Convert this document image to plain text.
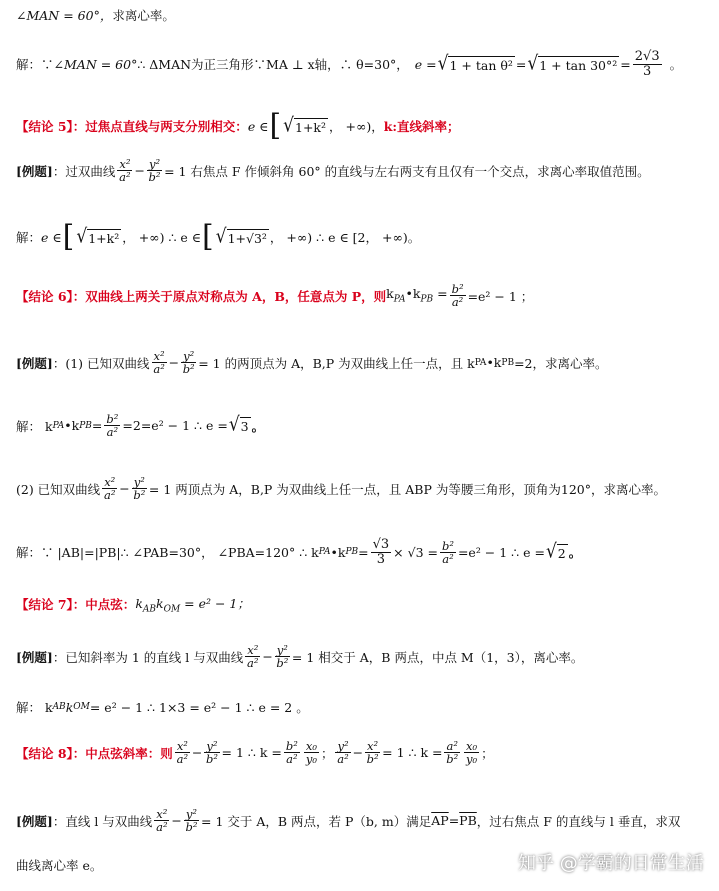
∠MAN = 60°， 求离心率。
解：∵ ∠MAN = 60° ∴ ΔMAN为正三角形∵MA ⊥ x轴，∴ θ=30°， e = √ 1 + tan θ² = √ $1 + \tan 30^\circ^2 = \frac{2√3}{3}$ 。
【结论 5】：过焦点直线与两支分别相交： e ∈ [ √ 1+k² ， +∞)， k:直线斜率；
[例题] ：过双曲线 $\frac{\text{x²}}{\text{a²}} - \frac{\text{y²}}{\text{b²}} = 1$ 右焦点 F 作倾斜角 60° 的直线与左右两支有且仅有一个交点，求离心率取值范围。
解： e ∈ [ √ 1+k² ， +∞ ) ∴ e ∈ [ √ 1+√3² ， +∞ ) ∴ e ∈ [2， +∞)。
【结论 6】：双曲线上两关于原点对称点为 A，B，任意点为 P，则 $k_{PA}•k_{PB} = \frac{\text{b²}}{\text{a²}} =e^2 - 1$ ；
[例题] ：(1) 已知双曲线 $\frac{\text{x²}}{\text{a²}} - \frac{\text{y²}}{\text{b²}} = 1$ 的两顶点为 A，B,P 为双曲线上任一点，且 k PA •k PB =2，求离心率。
解： k PA •k PB = $\frac{\text{b²}}{\text{a²}} =2=e^2 - 1$ ∴ e = √ 3 。
(2) 已知双曲线 $\frac{\text{x²}}{\text{a²}} - \frac{\text{y²}}{\text{b²}} = 1$ 两顶点为 A，B,P 为双曲线上任一点，且 ABP 为等腰三角形，顶角为120°，求离心率。
解：∵ |AB|=|PB|∴ ∠PAB=30°， ∠PBA=120° ∴ k PA •k PB = $\frac{√3}{3} \times √3 = \frac{\text{b²}}{\text{a²}} =e^2 - 1$ ∴ e = √ 2 。
【结论 7】：中点弦： $k_{AB}k_{OM} = e^2 - 1$；
[例题] ：已知斜率为 1 的直线 l 与双曲线 $\frac{\text{x²}}{\text{a²}} - \frac{\text{y²}}{\text{b²}} = 1$ 相交于 A，B 两点，中点 M（1，3），离心率。
解： k AB k OM = e² − 1 ∴ 1×3 = e² − 1 ∴ e = 2 。
【结论 8】：中点弦斜率：则 $\frac{\text{x²}}{\text{a²}} - \frac{\text{y²}}{\text{b²}} = 1$ ∴ $k = \frac{\text{b²}}{\text{a²}} \frac{\text{x₀}}{\text{y₀}}$ ； $\frac{\text{y²}}{\text{a²}} - \frac{\text{x²}}{\text{b²}} = 1$ ∴ $k = \frac{\text{a²}}{\text{b²}} \frac{\text{x₀}}{\text{y₀}}$ ；
[例题] ：直线 l 与双曲线 $\frac{\text{x²}}{\text{a²}} - \frac{\text{y²}}{\text{b²}} = 1$ 交于 A，B 两点，若 P（b, m）满足 $\overline{AP} = \overline{PB}$ ，过右焦点 F 的直线与 l 垂直，求双
曲线离心率 e。	知乎 @学霸的日常生活
